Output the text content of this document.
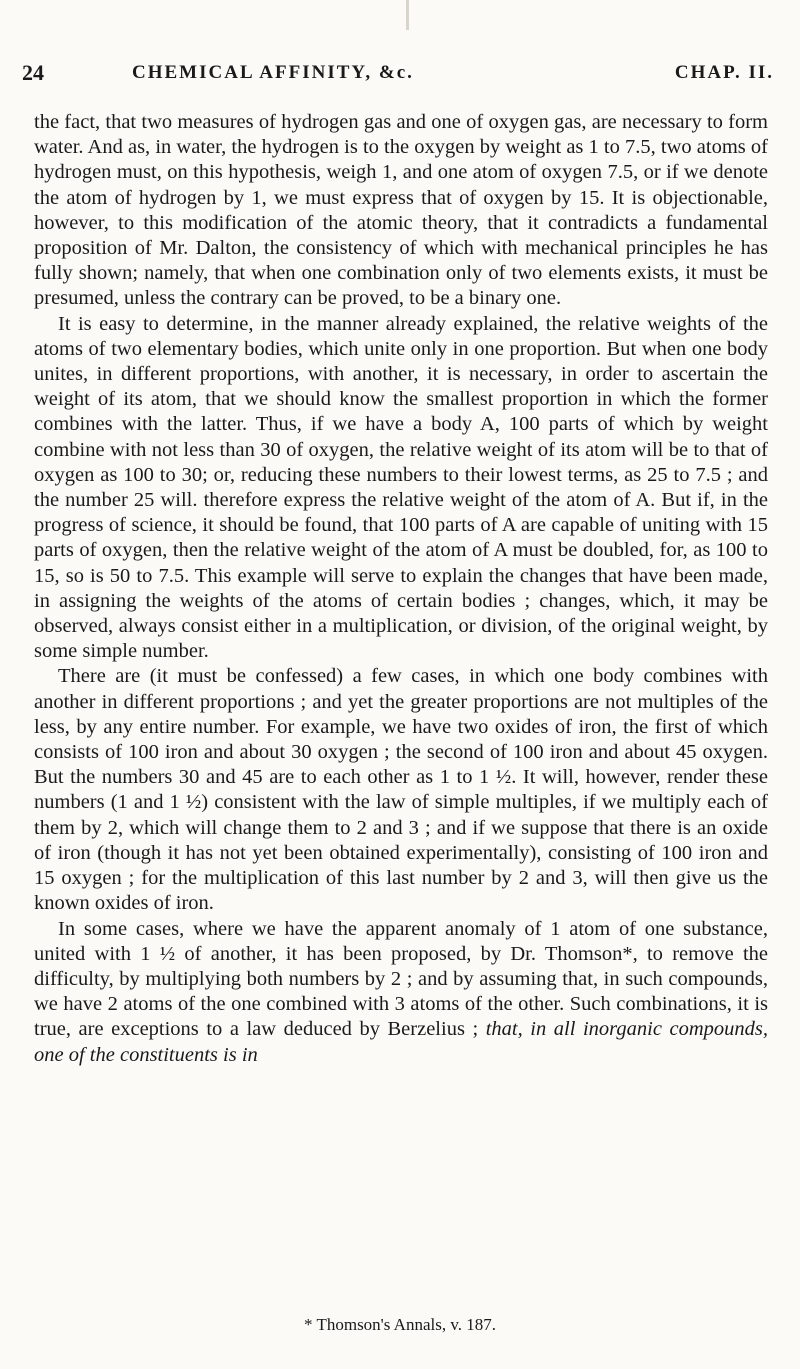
24	CHEMICAL AFFINITY, &c.	CHAP. II.

the fact, that two measures of hydrogen gas and one of oxygen gas, are necessary to form water. And as, in water, the hydrogen is to the oxygen by weight as 1 to 7.5, two atoms of hydrogen must, on this hypothesis, weigh 1, and one atom of oxygen 7.5, or if we denote the atom of hydrogen by 1, we must express that of oxygen by 15. It is objectionable, however, to this modification of the atomic theory, that it contradicts a fundamental proposition of Mr. Dalton, the consistency of which with mechanical principles he has fully shown; namely, that when one combination only of two elements exists, it must be presumed, unless the contrary can be proved, to be a binary one.

It is easy to determine, in the manner already explained, the relative weights of the atoms of two elementary bodies, which unite only in one proportion. But when one body unites, in different proportions, with another, it is necessary, in order to ascertain the weight of its atom, that we should know the smallest proportion in which the former combines with the latter. Thus, if we have a body A, 100 parts of which by weight combine with not less than 30 of oxygen, the relative weight of its atom will be to that of oxygen as 100 to 30; or, reducing these numbers to their lowest terms, as 25 to 7.5 ; and the number 25 will. therefore express the relative weight of the atom of A. But if, in the progress of science, it should be found, that 100 parts of A are capable of uniting with 15 parts of oxygen, then the relative weight of the atom of A must be doubled, for, as 100 to 15, so is 50 to 7.5. This example will serve to explain the changes that have been made, in assigning the weights of the atoms of certain bodies ; changes, which, it may be observed, always consist either in a multiplication, or division, of the original weight, by some simple number.

There are (it must be confessed) a few cases, in which one body combines with another in different proportions ; and yet the greater proportions are not multiples of the less, by any entire number. For example, we have two oxides of iron, the first of which consists of 100 iron and about 30 oxygen ; the second of 100 iron and about 45 oxygen. But the numbers 30 and 45 are to each other as 1 to 1 ½. It will, however, render these numbers (1 and 1 ½) consistent with the law of simple multiples, if we multiply each of them by 2, which will change them to 2 and 3 ; and if we suppose that there is an oxide of iron (though it has not yet been obtained experimentally), consisting of 100 iron and 15 oxygen ; for the multiplication of this last number by 2 and 3, will then give us the known oxides of iron.

In some cases, where we have the apparent anomaly of 1 atom of one substance, united with 1 ½ of another, it has been proposed, by Dr. Thomson*, to remove the difficulty, by multiplying both numbers by 2 ; and by assuming that, in such compounds, we have 2 atoms of the one combined with 3 atoms of the other. Such combinations, it is true, are exceptions to a law deduced by Berzelius ; that, in all inorganic compounds, one of the constituents is in

* Thomson's Annals, v. 187.
